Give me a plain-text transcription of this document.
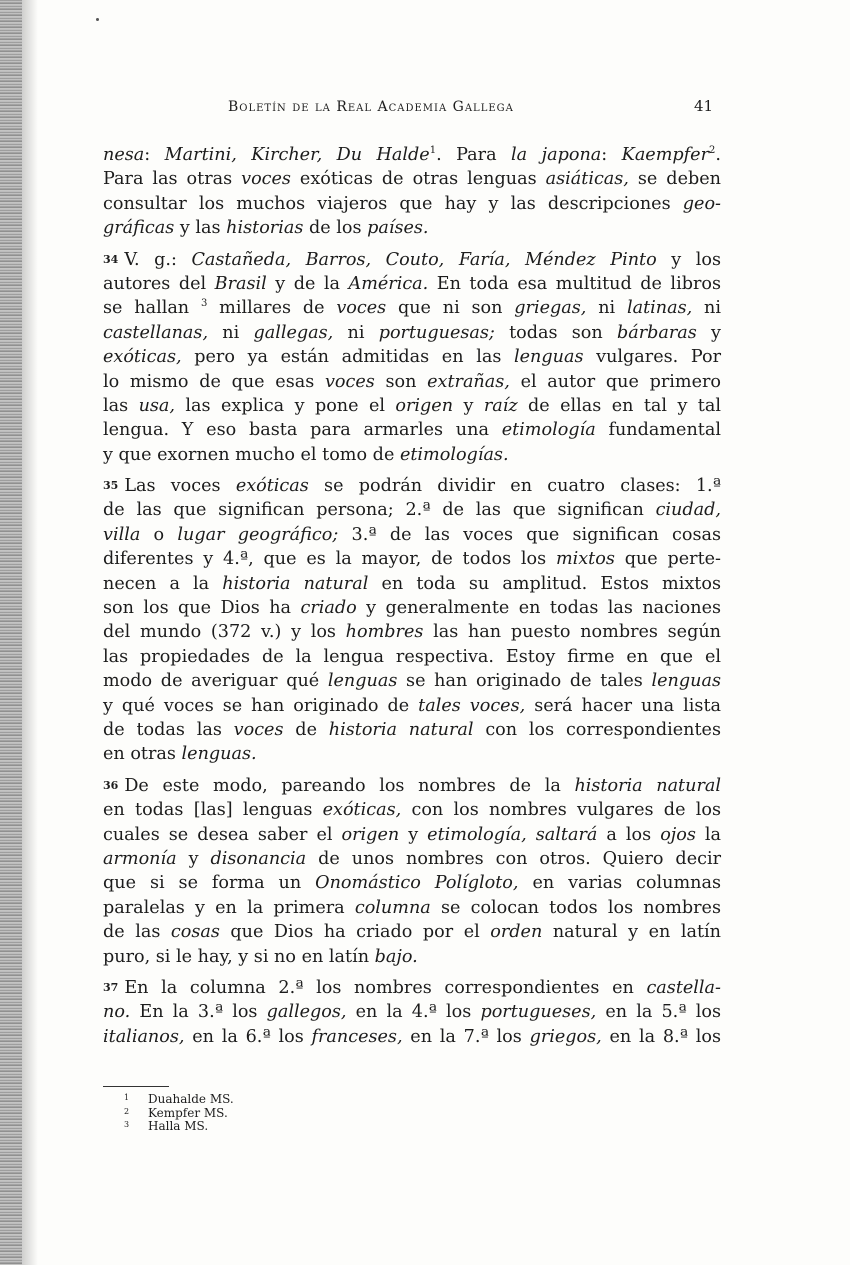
Boletín de la Real Academia Gallega	41
nesa: Martini, Kircher, Du Halde$^1$. Para la japona: Kaempfer$^2$.
Para las otras voces exóticas de otras lenguas asiáticas, se deben
consultar los muchos viajeros que hay y las descripciones geo-
gráficas y las historias de los países.
34 V. g.: Castañeda, Barros, Couto, Faría, Méndez Pinto y los
autores del Brasil y de la América. En toda esa multitud de libros
se hallan $^3$ millares de voces que ni son griegas, ni latinas, ni
castellanas, ni gallegas, ni portuguesas; todas son bárbaras y
exóticas, pero ya están admitidas en las lenguas vulgares. Por
lo mismo de que esas voces son extrañas, el autor que primero
las usa, las explica y pone el origen y raíz de ellas en tal y tal
lengua. Y eso basta para armarles una etimología fundamental
y que exornen mucho el tomo de etimologías.
35 Las voces exóticas se podrán dividir en cuatro clases: 1.ª
de las que significan persona; 2.ª de las que significan ciudad,
villa o lugar geográfico; 3.ª de las voces que significan cosas
diferentes y 4.ª, que es la mayor, de todos los mixtos que perte-
necen a la historia natural en toda su amplitud. Estos mixtos
son los que Dios ha criado y generalmente en todas las naciones
del mundo (372 v.) y los hombres las han puesto nombres según
las propiedades de la lengua respectiva. Estoy firme en que el
modo de averiguar qué lenguas se han originado de tales lenguas
y qué voces se han originado de tales voces, será hacer una lista
de todas las voces de historia natural con los correspondientes
en otras lenguas.
36 De este modo, pareando los nombres de la historia natural
en todas [las] lenguas exóticas, con los nombres vulgares de los
cuales se desea saber el origen y etimología, saltará a los ojos la
armonía y disonancia de unos nombres con otros. Quiero decir
que si se forma un Onomástico Políglot​o, en varias columnas
paralelas y en la primera columna se colocan todos los nombres
de las cosas que Dios ha criado por el orden natural y en latín
puro, si le hay, y si no en latín bajo.
37 En la columna 2.ª los nombres correspondientes en castella-
no. En la 3.ª los gallegos, en la 4.ª los portugueses, en la 5.ª los
italianos, en la 6.ª los franceses, en la 7.ª los griegos, en la 8.ª los
1 Duahalde MS.
2 Kempfer MS.
3 Halla MS.
